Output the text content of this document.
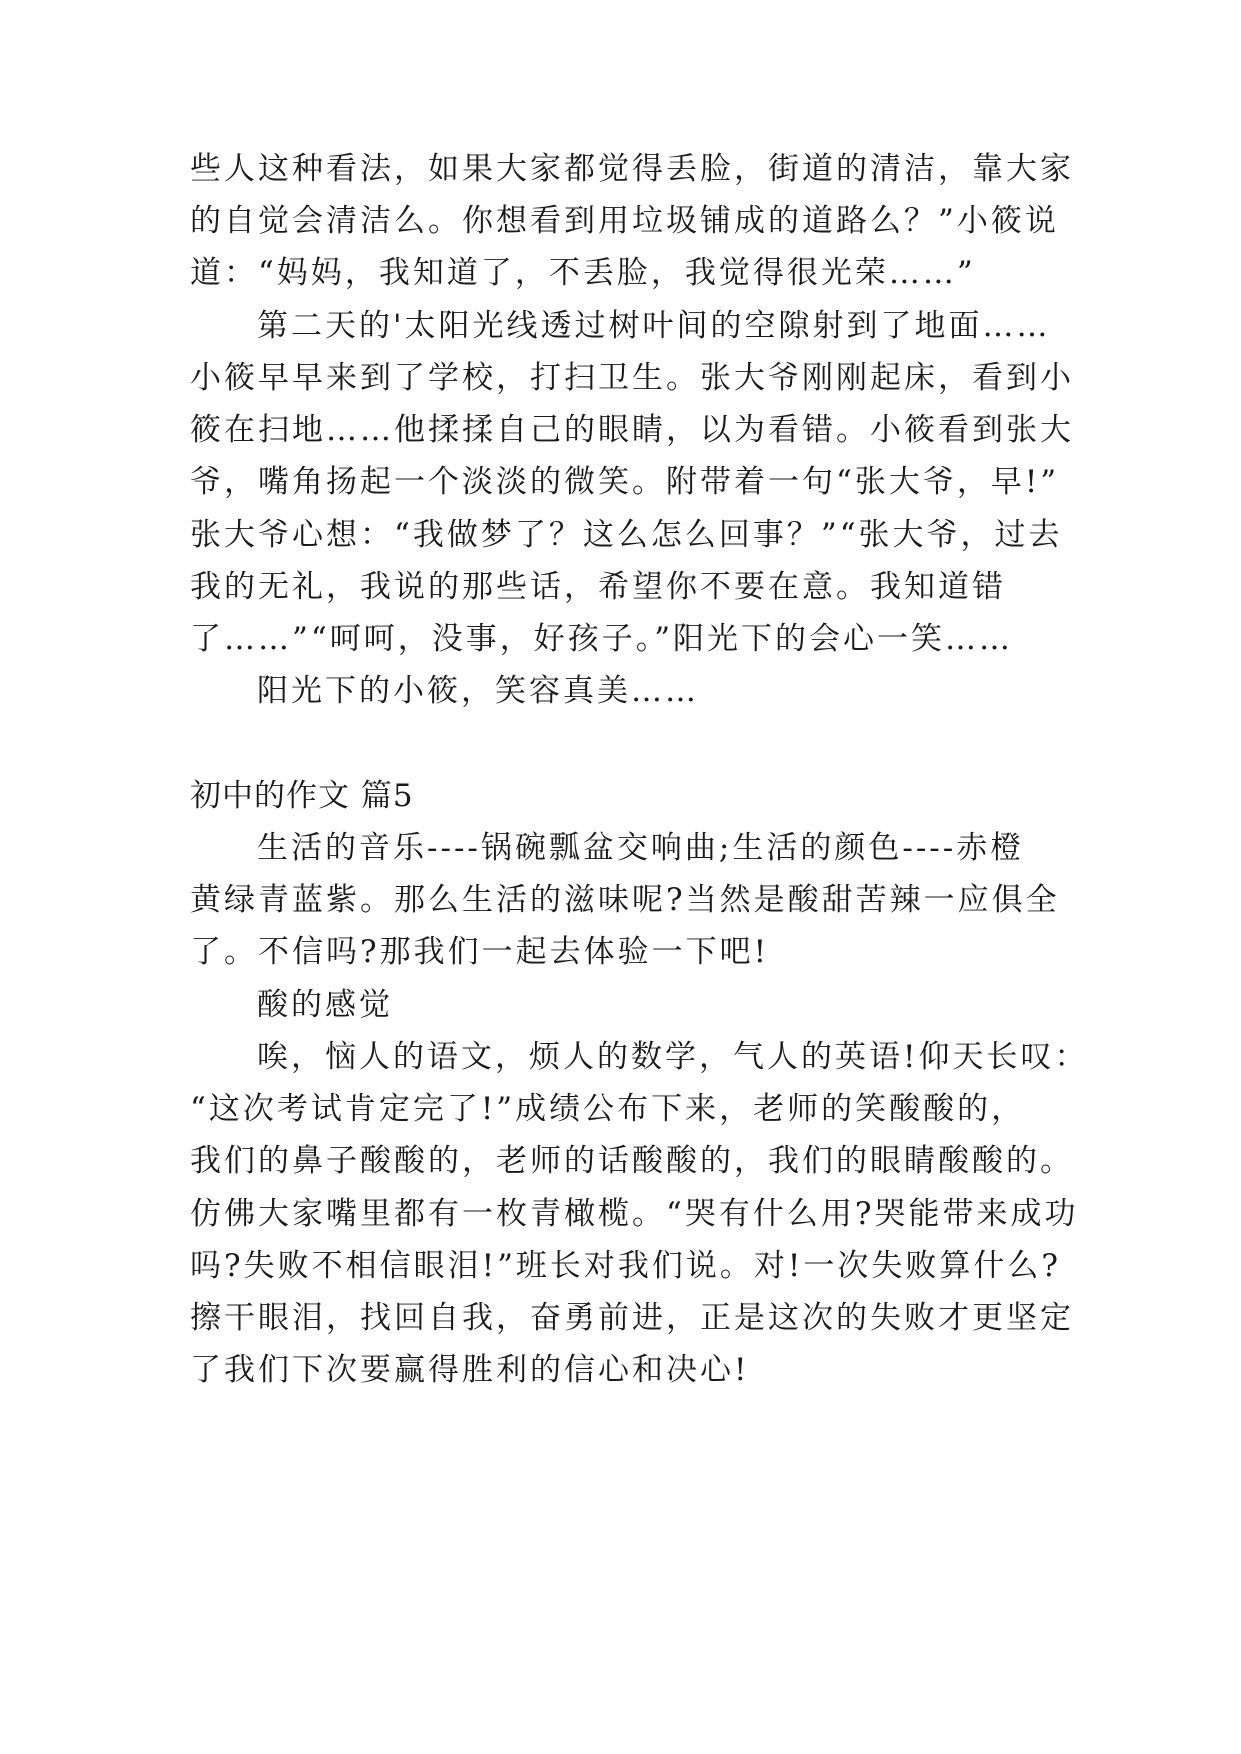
些人这种看法，如果大家都觉得丢脸，街道的清洁，靠大家
的自觉会清洁么。你想看到用垃圾铺成的道路么？”小筱说
道：“妈妈，我知道了，不丢脸，我觉得很光荣……”
第二天的'太阳光线透过树叶间的空隙射到了地面……
小筱早早来到了学校，打扫卫生。张大爷刚刚起床，看到小
筱在扫地……他揉揉自己的眼睛，以为看错。小筱看到张大
爷，嘴角扬起一个淡淡的微笑。附带着一句“张大爷，早!”
张大爷心想：“我做梦了？这么怎么回事？”“张大爷，过去
我的无礼，我说的那些话，希望你不要在意。我知道错
了……”“呵呵，没事，好孩子。”阳光下的会心一笑……
阳光下的小筱，笑容真美……
初中的作文 篇5
生活的音乐----锅碗瓢盆交响曲;生活的颜色----赤橙
黄绿青蓝紫。那么生活的滋味呢?当然是酸甜苦辣一应俱全
了。不信吗?那我们一起去体验一下吧!
酸的感觉
唉，恼人的语文，烦人的数学，气人的英语!仰天长叹：
“这次考试肯定完了!”成绩公布下来，老师的笑酸酸的，
我们的鼻子酸酸的，老师的话酸酸的，我们的眼睛酸酸的。
仿佛大家嘴里都有一枚青橄榄。“哭有什么用?哭能带来成功
吗?失败不相信眼泪!”班长对我们说。对!一次失败算什么?
擦干眼泪，找回自我，奋勇前进，正是这次的失败才更坚定
了我们下次要赢得胜利的信心和决心!
